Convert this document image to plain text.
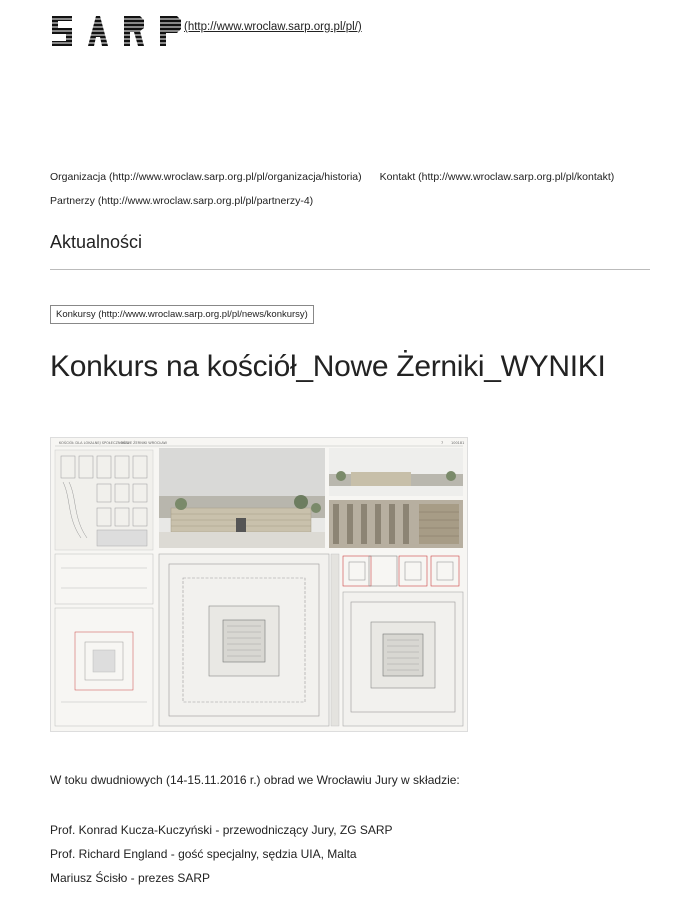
(http://www.wroclaw.sarp.org.pl/pl/)
Organizacja (http://www.wroclaw.sarp.org.pl/pl/organizacja/historia) Kontakt (http://www.wroclaw.sarp.org.pl/pl/kontakt)
Partnerzy (http://www.wroclaw.sarp.org.pl/pl/partnerzy-4)
Aktualności
Konkursy (http://www.wroclaw.sarp.org.pl/pl/news/konkursy)
Konkurs na kościół_Nowe Żerniki_WYNIKI
KOŚCIÓŁ DLA LOKALNEJ SPOŁECZNOŚCI
NOWE ŻERNIKI WROCŁAW	7 100181

W toku dwudniowych (14-15.11.2016 r.) obrad we Wrocławiu Jury w składzie:

Prof. Konrad Kucza-Kuczyński - przewodniczący Jury, ZG SARP
Prof. Richard England - gość specjalny, sędzia UIA, Malta
Mariusz Ścisło - prezes SARP
